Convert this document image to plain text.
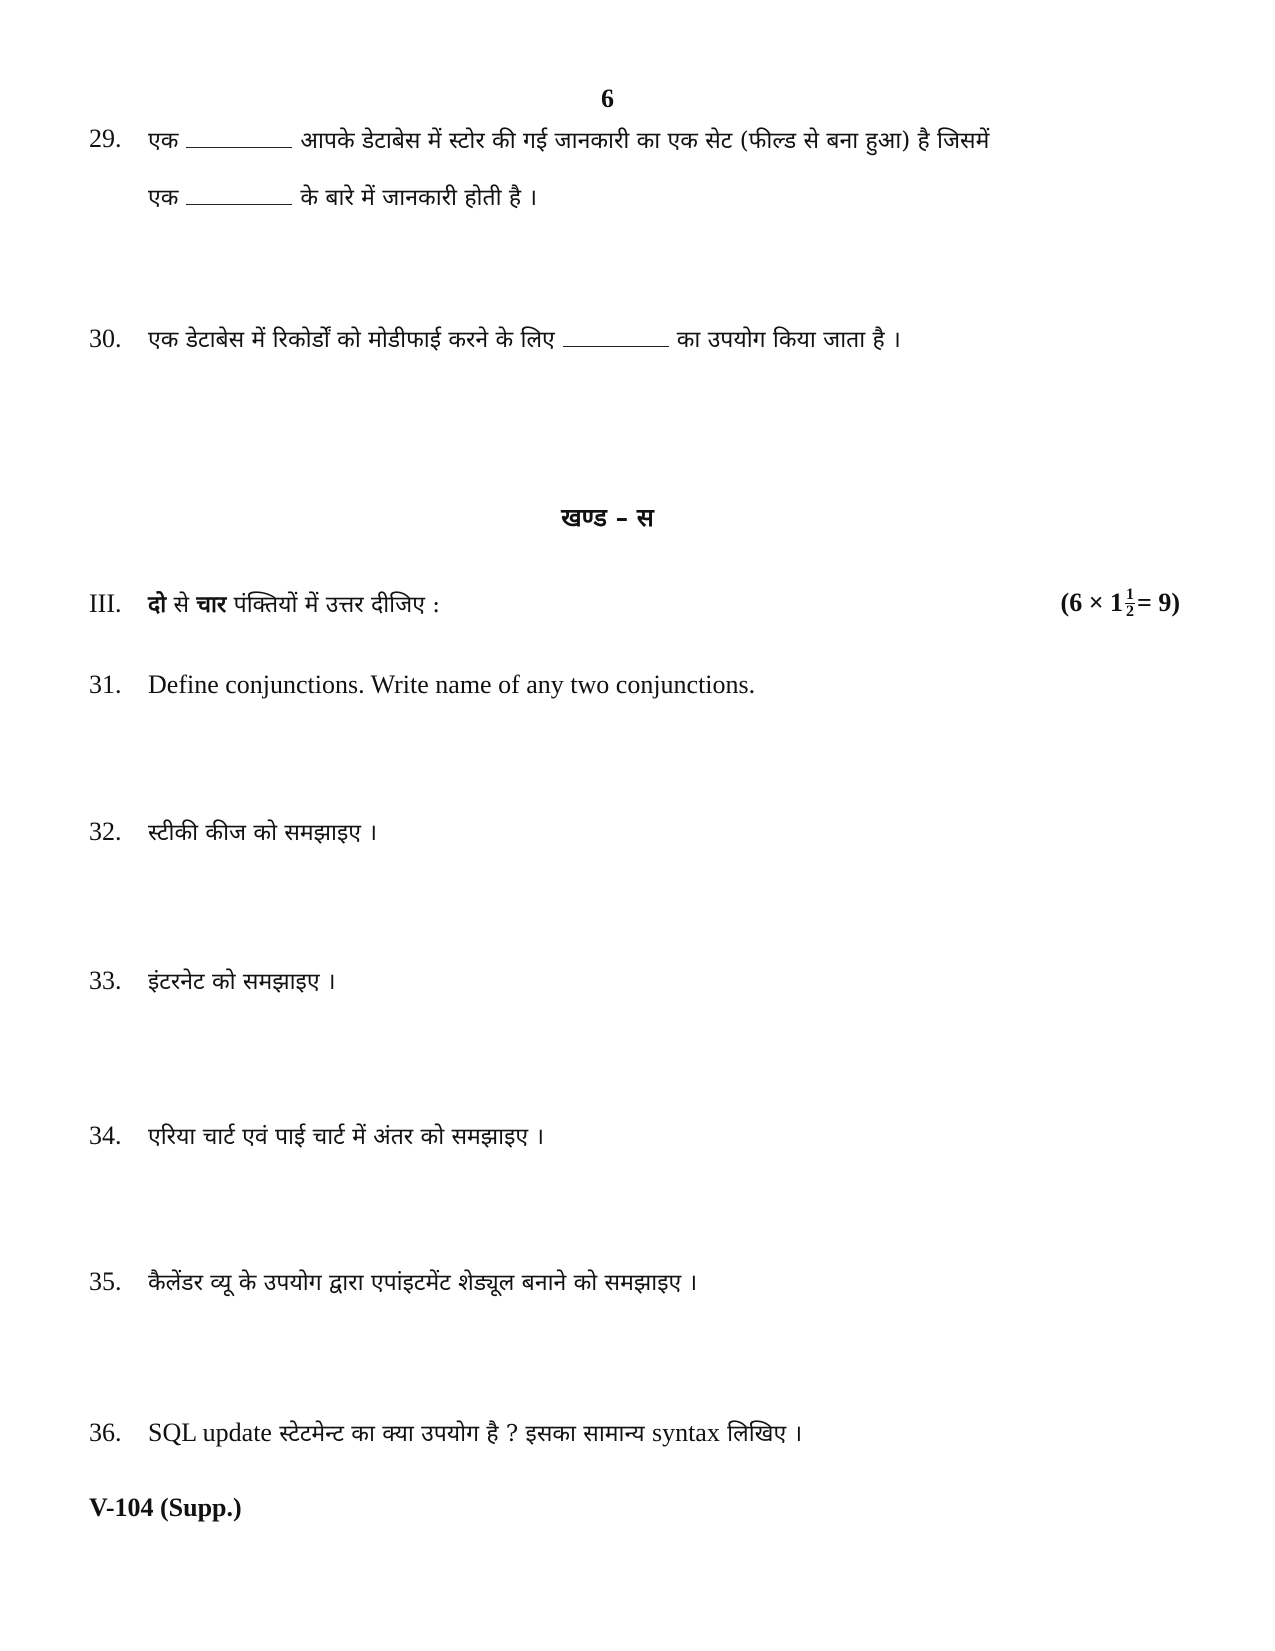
6
29. एक	आपके डेटाबेस में स्टोर की गई जानकारी का एक सेट (फील्ड से बना हुआ) है जिसमें
एक	के बारे में जानकारी होती है ।
30. एक डेटाबेस में रिकोर्डों को मोडीफाई करने के लिए	का उपयोग किया जाता है ।
खण्ड – स
III. दो से चार पंक्तियों में उत्तर दीजिए :	$(6 \times 1 \frac{1}{2} = 9)$
31. Define conjunctions. Write name of any two conjunctions.
32. स्टीकी कीज को समझाइए ।
33. इंटरनेट को समझाइए ।
34. एरिया चार्ट एवं पाई चार्ट में अंतर को समझाइए ।
35. कैलेंडर व्यू के उपयोग द्वारा एपांइटमेंट शेड्यूल बनाने को समझाइए ।
36. SQL update स्टेटमेन्ट का क्या उपयोग है ? इसका सामान्य syntax लिखिए ।
V-104 (Supp.)
